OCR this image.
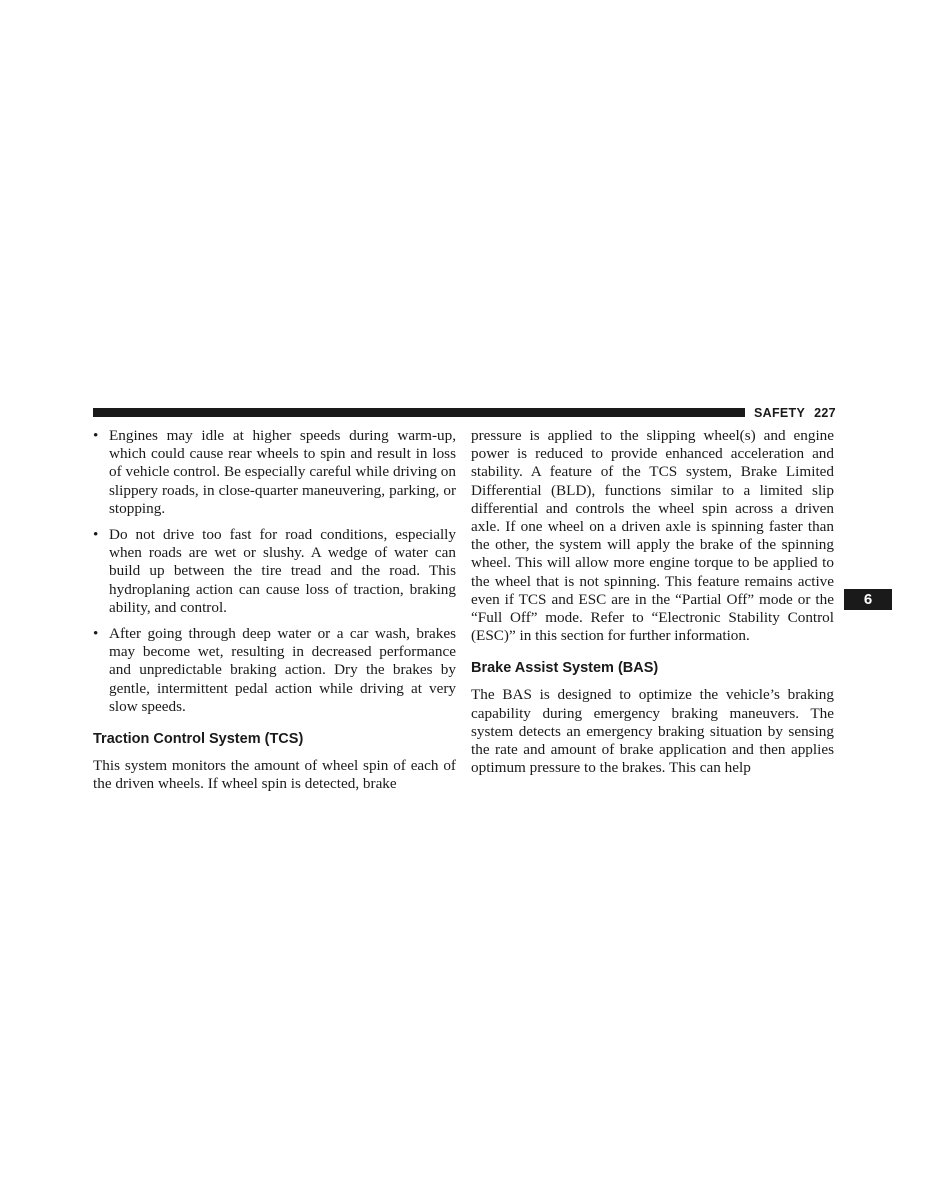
SAFETY 227
6
• Engines may idle at higher speeds during warm-up, which could cause rear wheels to spin and result in loss of vehicle control. Be especially careful while driving on slippery roads, in close-quarter maneuvering, parking, or stopping.
• Do not drive too fast for road conditions, especially when roads are wet or slushy. A wedge of water can build up between the tire tread and the road. This hydroplaning action can cause loss of traction, braking ability, and control.
• After going through deep water or a car wash, brakes may become wet, resulting in decreased performance and unpredictable braking action. Dry the brakes by gentle, intermittent pedal action while driving at very slow speeds.
Traction Control System (TCS)

This system monitors the amount of wheel spin of each of the driven wheels. If wheel spin is detected, brake

pressure is applied to the slipping wheel(s) and engine power is reduced to provide enhanced acceleration and stability. A feature of the TCS system, Brake Limited Differential (BLD), functions similar to a limited slip differential and controls the wheel spin across a driven axle. If one wheel on a driven axle is spinning faster than the other, the system will apply the brake of the spinning wheel. This will allow more engine torque to be applied to the wheel that is not spinning. This feature remains active even if TCS and ESC are in the “Partial Off” mode or the “Full Off” mode. Refer to “Electronic Stability Control (ESC)” in this section for further information.

Brake Assist System (BAS)

The BAS is designed to optimize the vehicle’s braking capability during emergency braking maneuvers. The system detects an emergency braking situation by sensing the rate and amount of brake application and then applies optimum pressure to the brakes. This can help
